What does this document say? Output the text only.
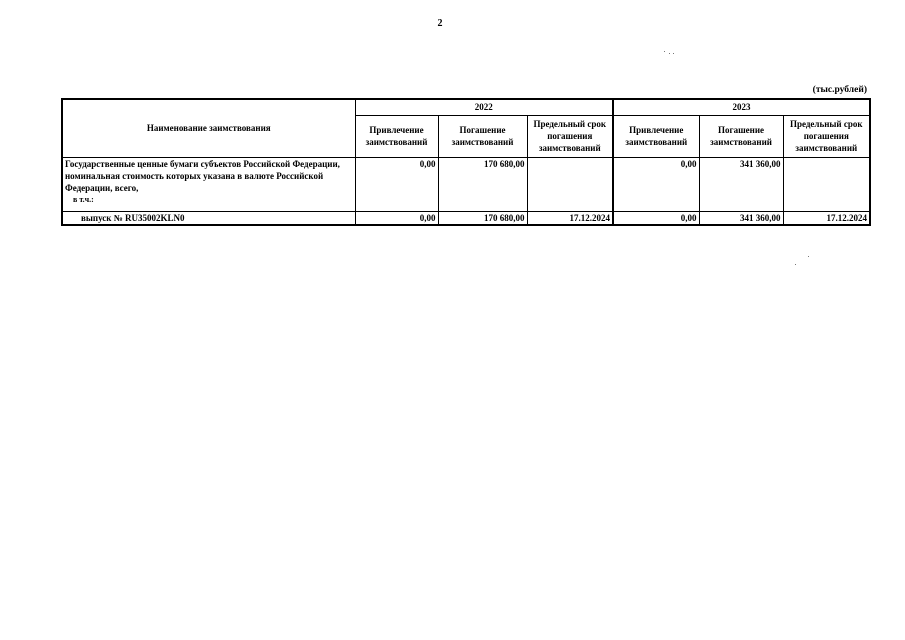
2
(тыс.рублей)
Наименование заимствования	2022			2023		
	Привлечение заимствований	Погашение заимствований	Предельный срок погашения заимствований	Привлечение заимствований	Погашение заимствований	Предельный срок погашения заимствований
Государственные ценные бумаги субъектов Российской Федерации, номинальная стоимость которых указана в валюте Российской Федерации, всего,
в т.ч.:	0,00	170 680,00		0,00	341 360,00	
выпуск № RU35002KLN0	0,00	170 680,00	17.12.2024	0,00	341 360,00	17.12.2024
